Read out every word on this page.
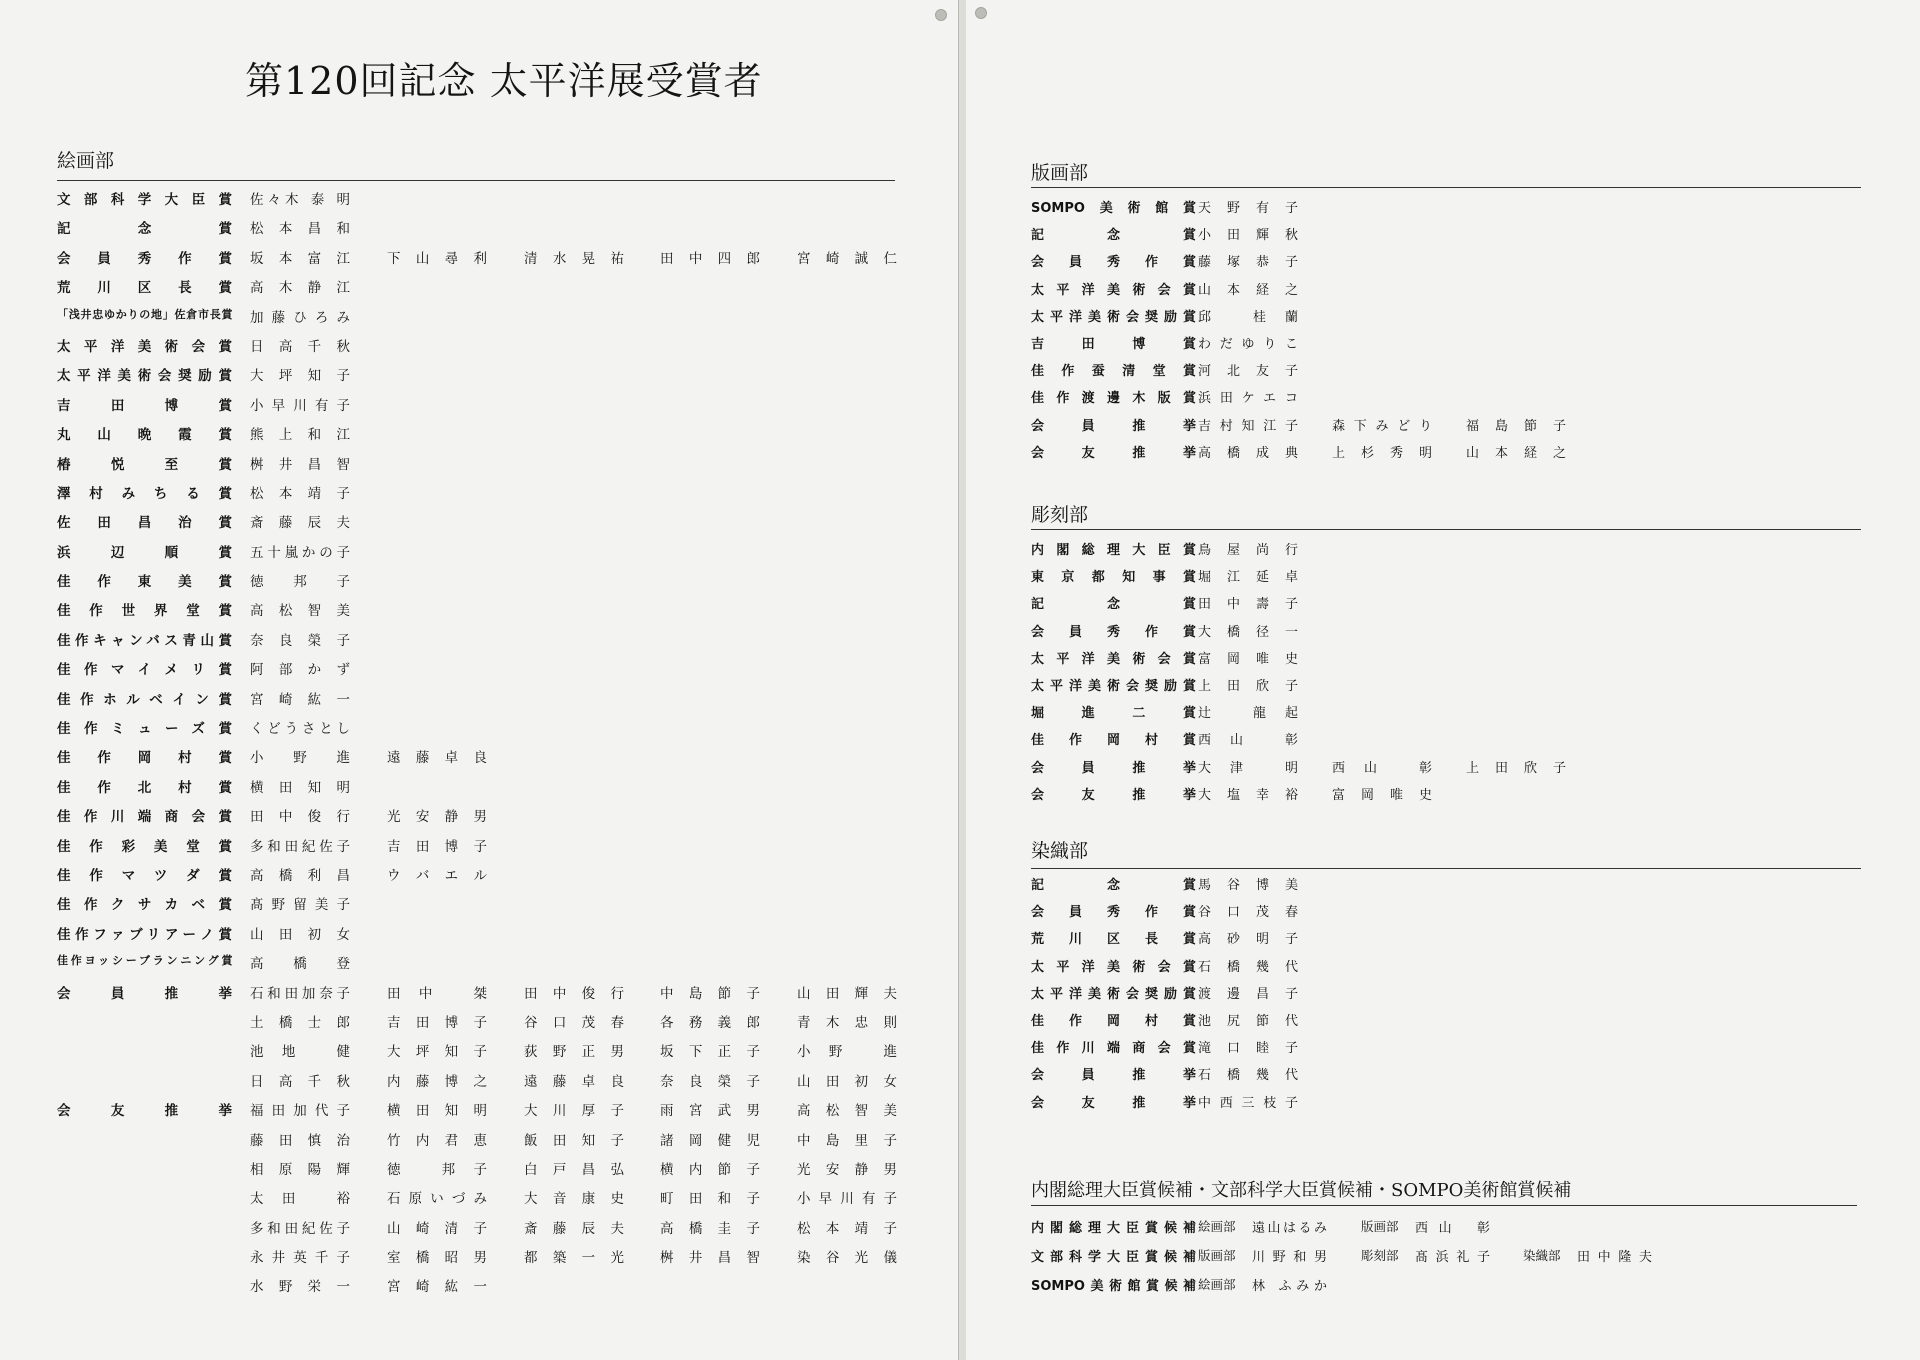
第120回記念 太平洋展受賞者
絵画部
文部科学大臣賞 佐々木 泰 明
記念賞 松本昌和
会員秀作賞 坂本富江	下山尋利	清水晃祐	田中四郎	宮崎誠仁
荒川区長賞 高木静江
「浅井忠ゆかりの地」佐倉市長賞 加藤ひろみ
太平洋美術会賞 日高千秋
太平洋美術会奨励賞 大坪知子
吉田博賞 小早川有子
丸山晩霞賞 熊上和江
椿悦至賞 桝井昌智
澤村みちる賞 松本靖子
佐田昌治賞 斎藤辰夫
浜辺順賞 五十嵐かの子
佳作東美賞 徳邦子
佳作世界堂賞 高松智美
佳作キャンバス青山賞 奈良榮子
佳作マイメリ賞 阿部かず
佳作ホルベイン賞 宮崎紘一
佳作ミューズ賞 くどうさとし
佳作岡村賞 小野進	遠藤卓良
佳作北村賞 横田知明
佳作川端商会賞 田中俊行	光安静男
佳作彩美堂賞 多和田紀佐子	吉田博子
佳作マツダ賞 高橋利昌	ウバエル
佳作クサカベ賞 髙野留美子
佳作ファブリアーノ賞 山田初女
佳作ヨッシーブランニング賞 高橋登
会員推挙 石和田加奈子	田中 桀	田中俊行	中島節子	山田輝夫
土橋士郎	吉田博子	谷口茂春	各務義郎	青木忠則
池地 健	大坪知子	荻野正男	坂下正子	小野 進
日高千秋	内藤博之	遠藤卓良	奈良榮子	山田初女
会友推挙 福田加代子	横田知明	大川厚子	雨宮武男	高松智美
藤田慎治	竹内君恵	飯田知子	諸岡健児	中島里子
相原陽輝	徳 邦子	白戸昌弘	横内節子	光安静男
太田 裕	石原いづみ	大音康史	町田和子	小早川有子
多和田紀佐子	山崎清子	斎藤辰夫	高橋圭子	松本靖子
永井英千子	室橋昭男	都築一光	桝井昌智	染谷光儀
水野栄一	宮崎紘一
版画部
SOMPO美術館賞 天野有子
記念賞 小田輝秋
会員秀作賞 藤塚恭子
太平洋美術会賞 山本経之
太平洋美術会奨励賞 邱 桂蘭
吉田博賞 わだゆりこ
佳作蚕清堂賞 河北友子
佳作渡邊木版賞 浜田ケエコ
会員推挙 吉村知江子	森下みどり	福島節子
会友推挙 高橋成典	上杉秀明	山本経之
彫刻部
内閣総理大臣賞 鳥屋尚行
東京都知事賞 堀江延卓
記念賞 田中壽子
会員秀作賞 大橋径一
太平洋美術会賞 富岡唯史
太平洋美術会奨励賞 上田欣子
堀進二賞 辻 龍起
佳作岡村賞 西山 彰
会員推挙 大津 明	西山 彰	上田欣子
会友推挙 大塩幸裕	富岡唯史
染織部
記念賞 馬谷博美
会員秀作賞 谷口茂春
荒川区長賞 高砂明子
太平洋美術会賞 石橋幾代
太平洋美術会奨励賞 渡邊昌子
佳作岡村賞 池尻節代
佳作川端商会賞 滝口睦子
会員推挙 石橋幾代
会友推挙 中西三枝子
内閣総理大臣賞候補・文部科学大臣賞候補・SOMPO美術館賞候補
内閣総理大臣賞候補 絵画部 遠山はるみ	版画部 西山 彰
文部科学大臣賞候補 版画部 川野和男	彫刻部 髙浜礼子	染織部 田中隆夫
SOMPO美術館賞候補 絵画部 林 ふみか
